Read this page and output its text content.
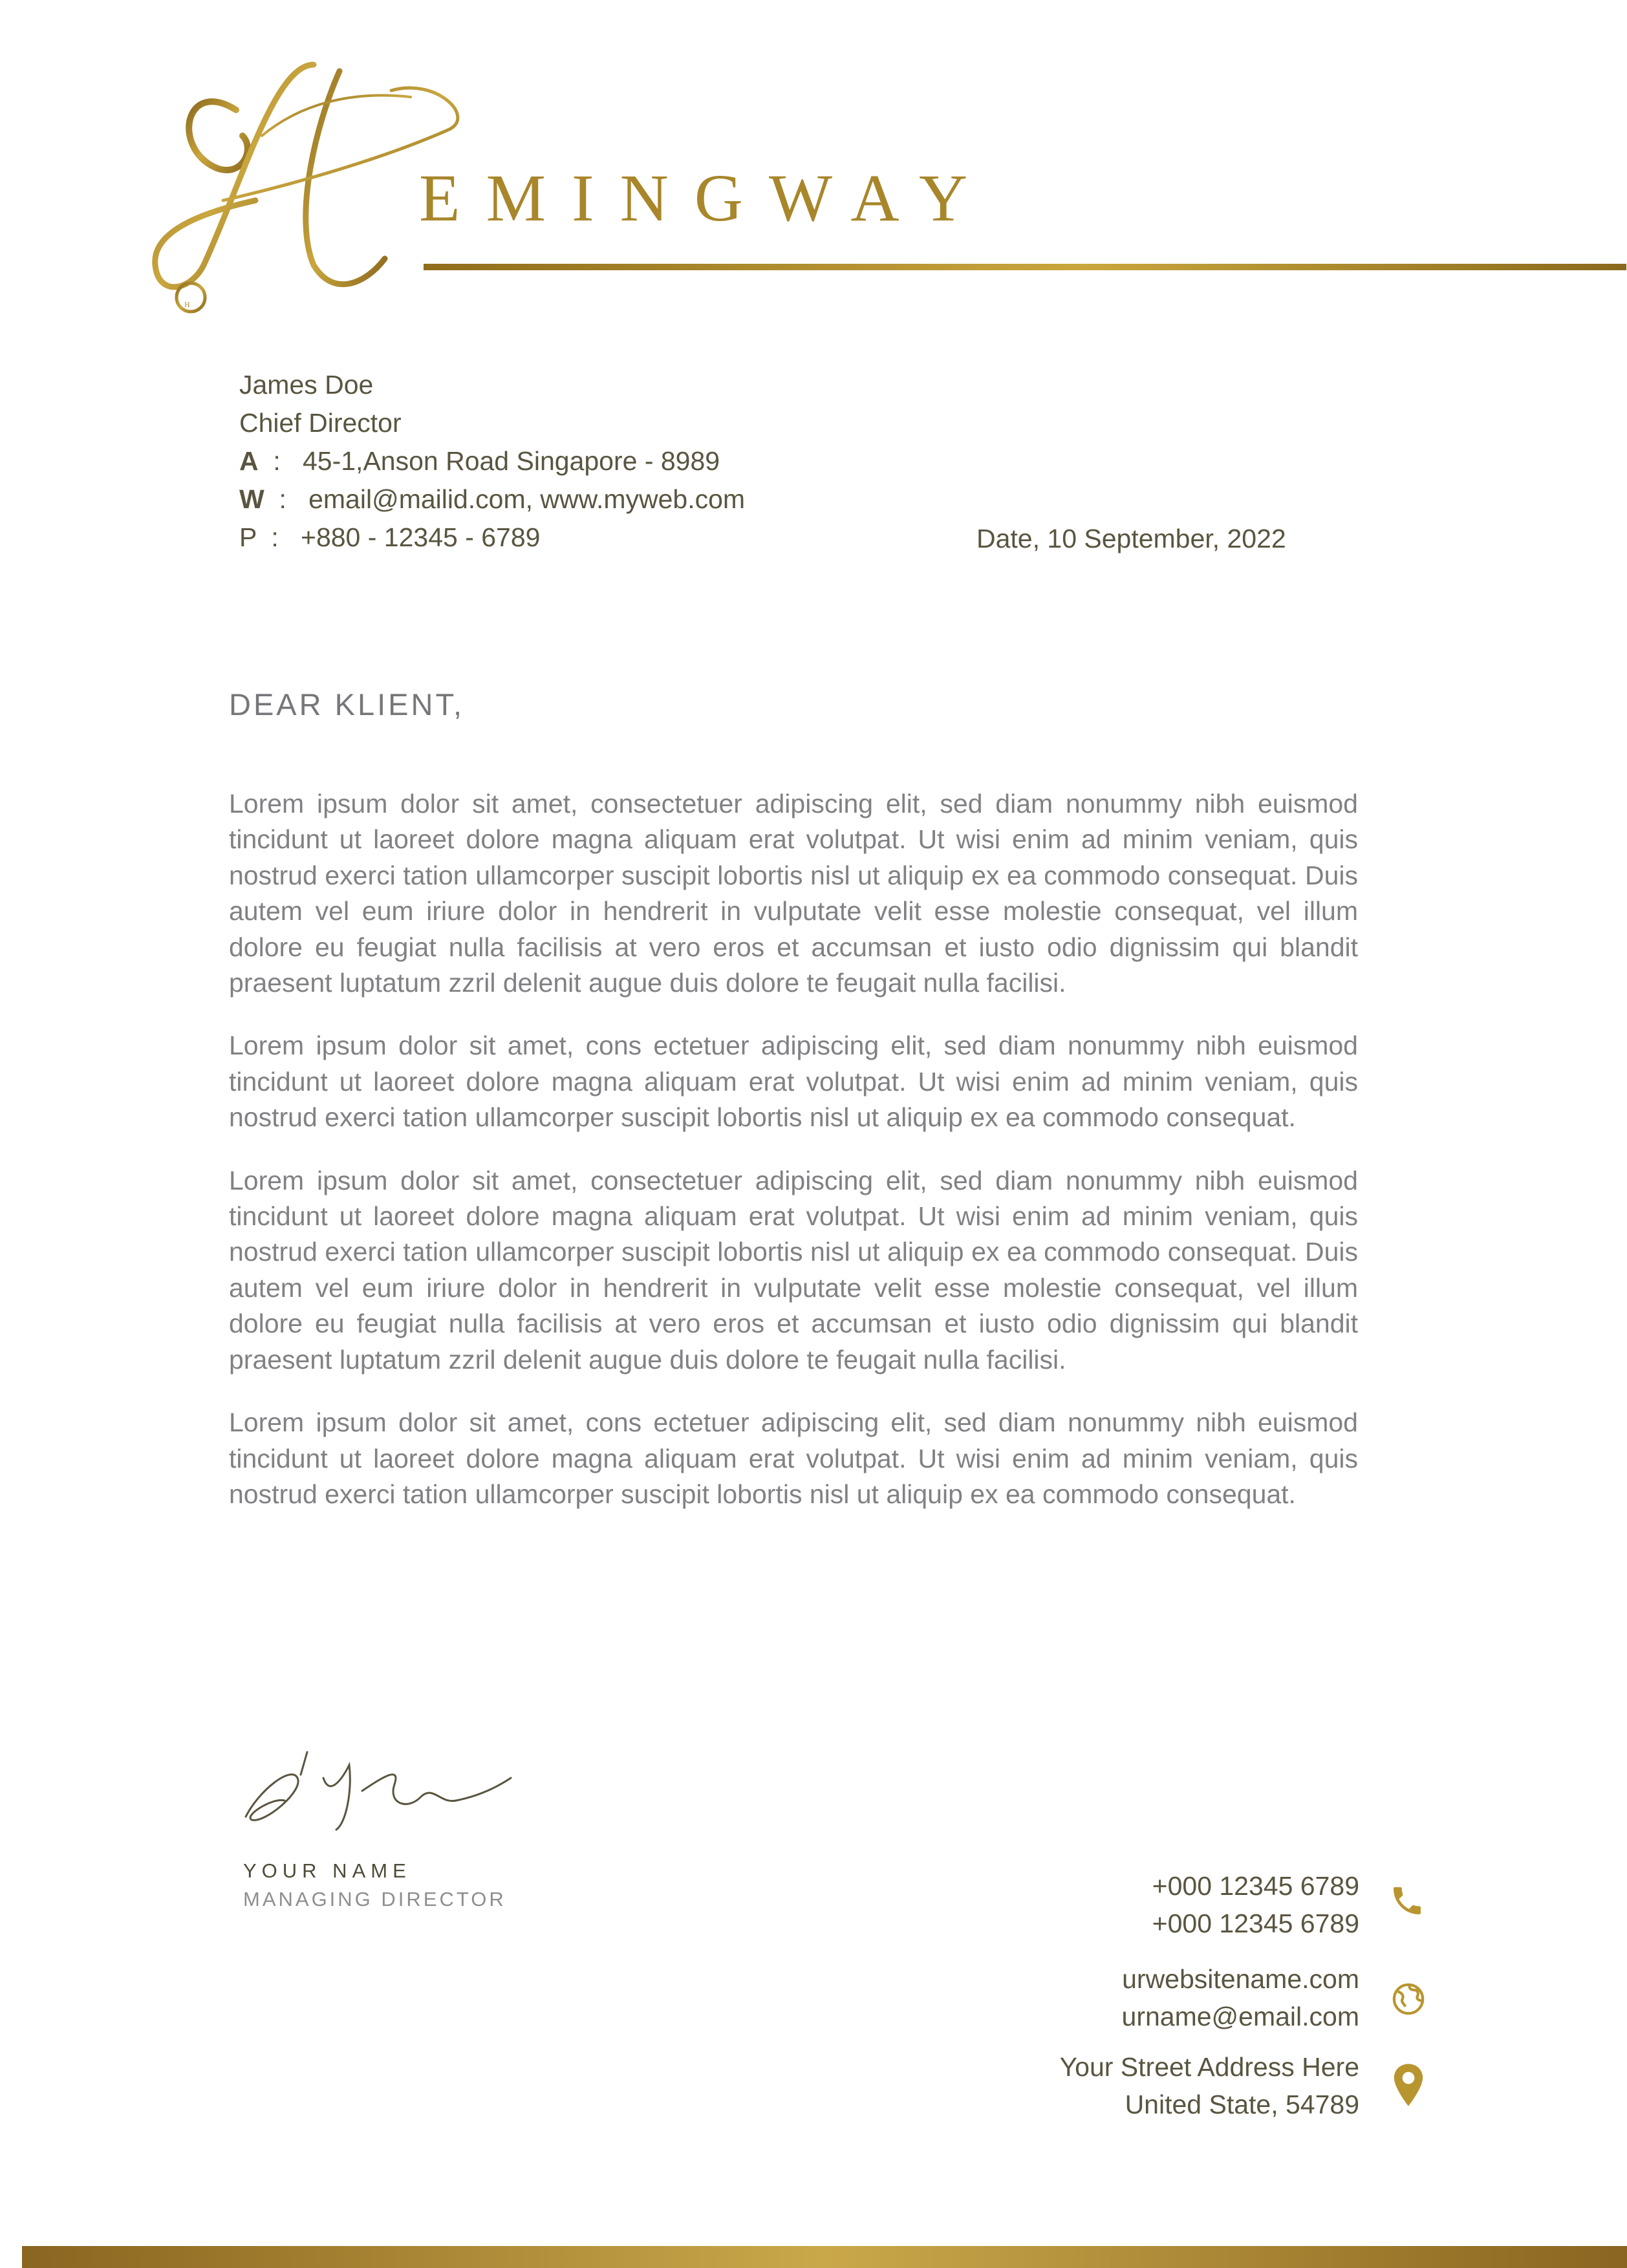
H
EMINGWAY
James Doe
Chief Director
A  :   45-1,Anson Road Singapore - 8989
W  :   email@mailid.com, www.myweb.com
P  :   +880 - 12345 - 6789	Date, 10 September, 2022
DEAR KLIENT,

Lorem ipsum dolor sit amet, consectetuer adipiscing elit, sed diam nonummy nibh euismod tincidunt ut laoreet dolore magna aliquam erat volutpat. Ut wisi enim ad minim veniam, quis nostrud exerci tation ullamcorper suscipit lobortis nisl ut aliquip ex ea commodo consequat. Duis autem vel eum iriure dolor in hendrerit in vulputate velit esse molestie consequat, vel illum dolore eu feugiat nulla facilisis at vero eros et accumsan et iusto odio dignissim qui blandit praesent luptatum zzril delenit augue duis dolore te feugait nulla facilisi.

Lorem ipsum dolor sit amet, cons ectetuer adipiscing elit, sed diam nonummy nibh euismod tincidunt ut laoreet dolore magna aliquam erat volutpat. Ut wisi enim ad minim veniam, quis nostrud exerci tation ullamcorper suscipit lobortis nisl ut aliquip ex ea commodo consequat.

Lorem ipsum dolor sit amet, consectetuer adipiscing elit, sed diam nonummy nibh euismod tincidunt ut laoreet dolore magna aliquam erat volutpat. Ut wisi enim ad minim veniam, quis nostrud exerci tation ullamcorper suscipit lobortis nisl ut aliquip ex ea commodo consequat. Duis autem vel eum iriure dolor in hendrerit in vulputate velit esse molestie consequat, vel illum dolore eu feugiat nulla facilisis at vero eros et accumsan et iusto odio dignissim qui blandit praesent luptatum zzril delenit augue duis dolore te feugait nulla facilisi.

Lorem ipsum dolor sit amet, cons ectetuer adipiscing elit, sed diam nonummy nibh euismod tincidunt ut laoreet dolore magna aliquam erat volutpat. Ut wisi enim ad minim veniam, quis nostrud exerci tation ullamcorper suscipit lobortis nisl ut aliquip ex ea commodo consequat.

YOUR NAME
MANAGING DIRECTOR	+000 12345 6789
+000 12345 6789
urwebsitename.com
urname@email.com
Your Street Address Here
United State, 54789
